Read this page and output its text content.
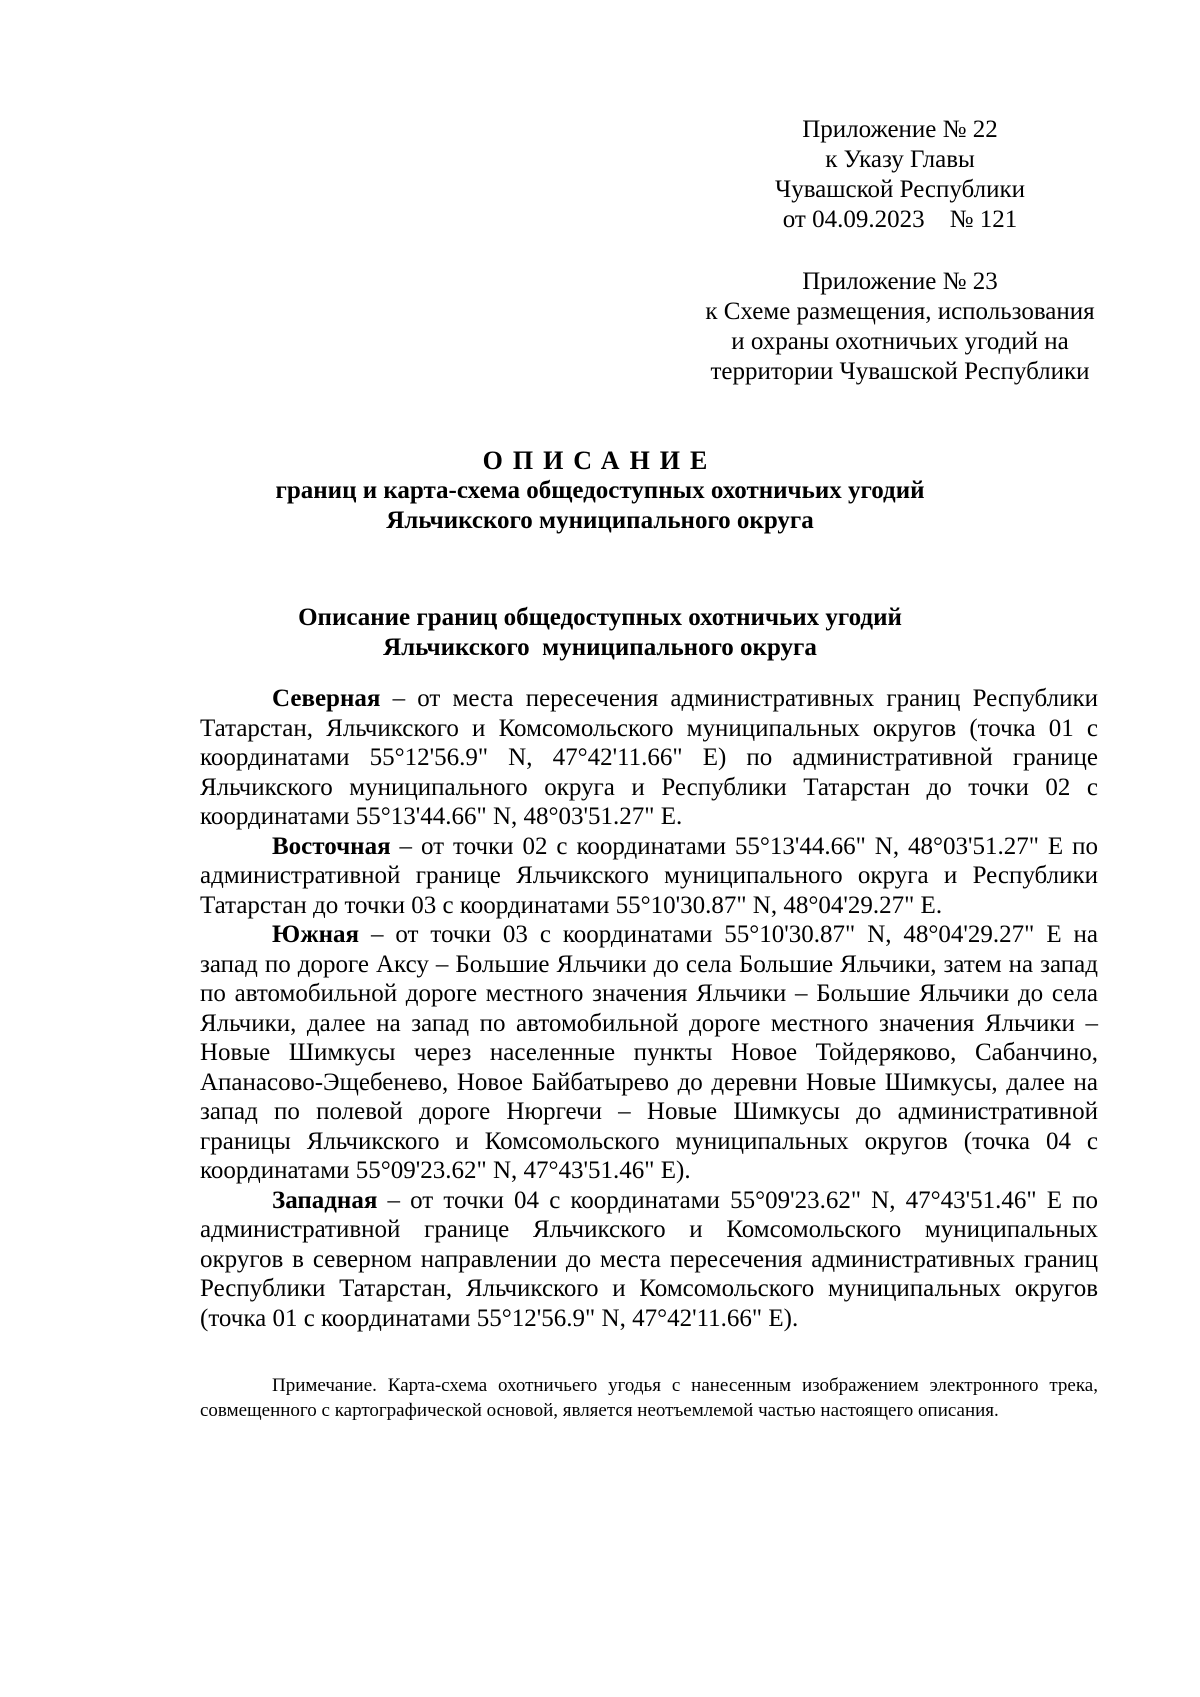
Приложение № 22
к Указу Главы
Чувашской Республики
от 04.09.2023    № 121
Приложение № 23
к Схеме размещения, использования
и охраны охотничьих угодий на
территории Чувашской Республики
ОПИСАНИЕ
границ и карта-схема общедоступных охотничьих угодий
Яльчикского муниципального округа
Описание границ общедоступных охотничьих угодий
Яльчикского  муниципального округа

Северная – от места пересечения административных границ Республики Татарстан, Яльчикского и Комсомольского муниципальных округов (точка 01 с координатами 55°12'56.9" N, 47°42'11.66" E) по административной границе Яльчикского муниципального округа и Республики Татарстан до точки 02 с координатами 55°13'44.66" N, 48°03'51.27" E.

Восточная – от точки 02 с координатами 55°13'44.66" N, 48°03'51.27" E по административной границе Яльчикского муниципального округа и Республики Татарстан до точки 03 с координатами 55°10'30.87" N, 48°04'29.27" E.

Южная – от точки 03 с координатами 55°10'30.87" N, 48°04'29.27" E на запад по дороге Аксу – Большие Яльчики до села Большие Яльчики, затем на запад по автомобильной дороге местного значения Яльчики – Большие Яльчики до села Яльчики, далее на запад по автомобильной дороге местного значения Яльчики – Новые Шимкусы через населенные пункты Новое Тойдеряково, Сабанчино, Апанасово-Эщебенево, Новое Байбатырево до деревни Новые Шимкусы, далее на запад по полевой дороге Нюргечи – Новые Шимкусы до административной границы Яльчикского и Комсомольского муниципальных округов (точка 04 с координатами 55°09'23.62" N, 47°43'51.46" E).

Западная – от точки 04 с координатами 55°09'23.62" N, 47°43'51.46" E по административной границе Яльчикского и Комсомольского муниципальных округов в северном направлении до места пересечения административных границ Республики Татарстан, Яльчикского и Комсомольского муниципальных округов (точка 01 с координатами 55°12'56.9" N, 47°42'11.66" E).

Примечание. Карта-схема охотничьего угодья с нанесенным изображением электронного трека, совмещенного с картографической основой, является неотъемлемой частью настоящего описания.
